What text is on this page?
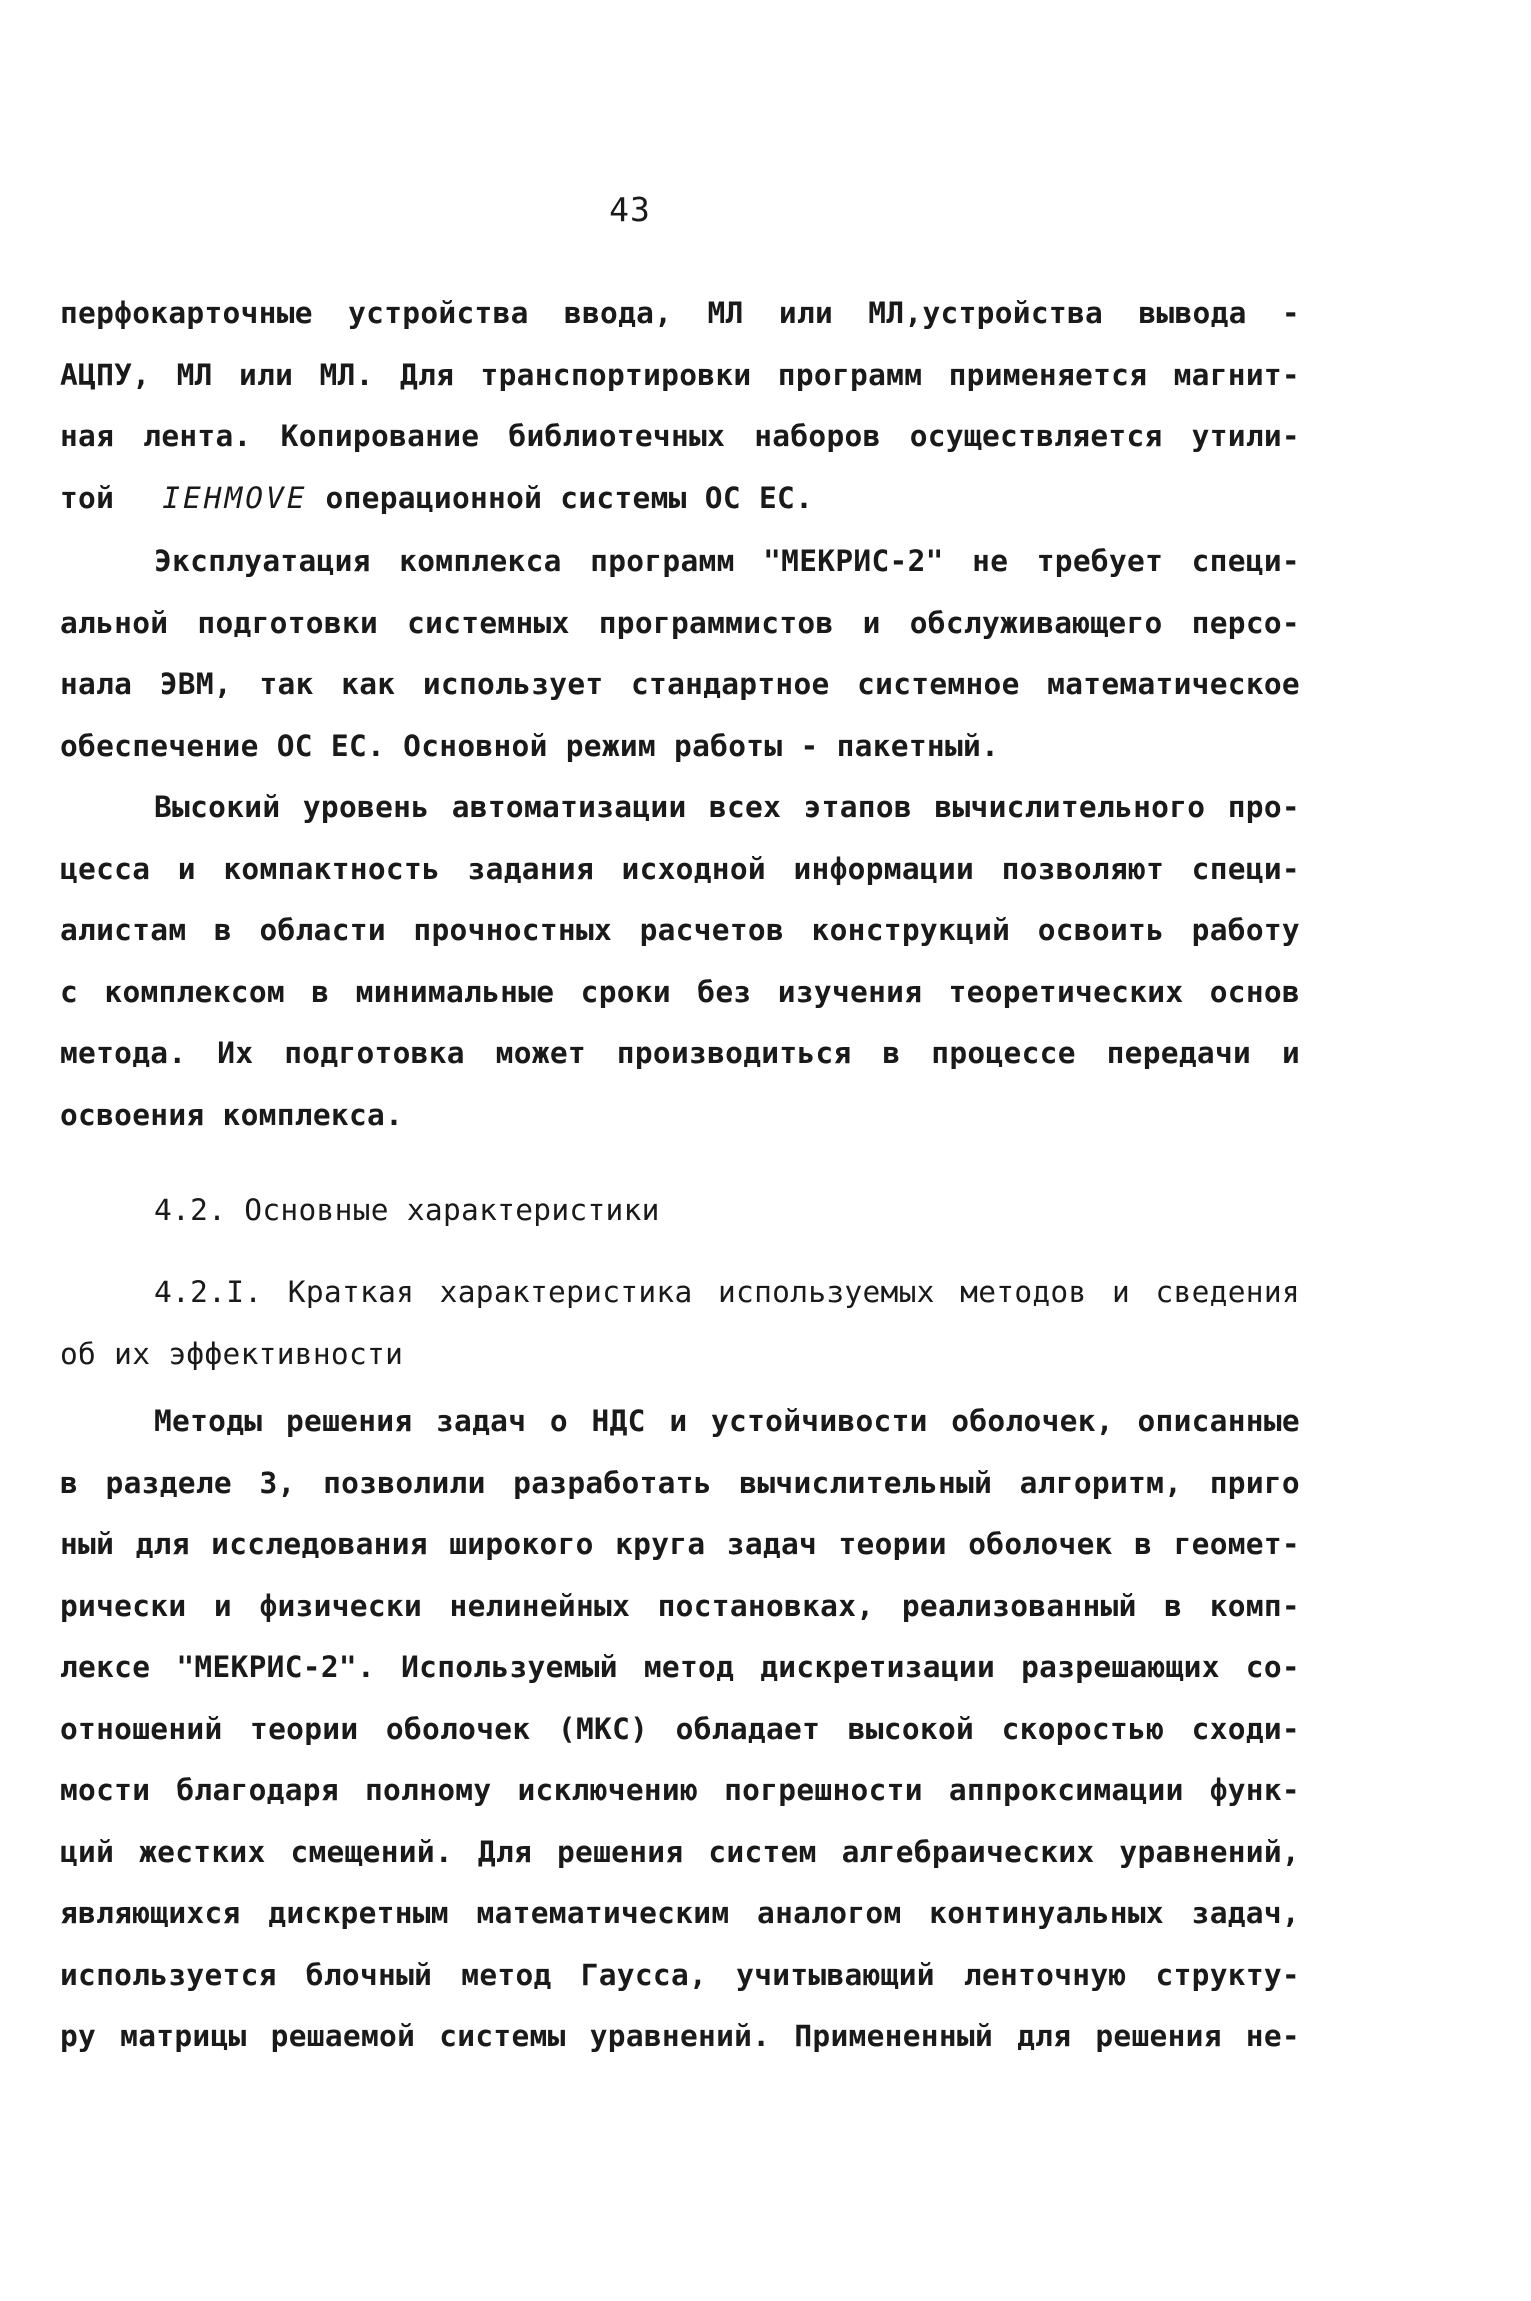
43
перфокарточные устройства ввода, МЛ или МЛ,устройства вывода -
АЦПУ, МЛ или МЛ. Для транспортировки программ применяется магнит-
ная лента. Копирование библиотечных наборов осуществляется утили-
той IEHMOVE операционной системы ОС ЕС.
Эксплуатация комплекса программ "МЕКРИС-2" не требует специ-
альной подготовки системных программистов и обслуживающего персо-
нала ЭВМ, так как использует стандартное системное математическое
обеспечение ОС ЕС. Основной режим работы - пакетный.
Высокий уровень автоматизации всех этапов вычислительного про-
цесса и компактность задания исходной информации позволяют специ-
алистам в области прочностных расчетов конструкций освоить работу
с комплексом в минимальные сроки без изучения теоретических основ
метода. Их подготовка может производиться в процессе передачи и
освоения комплекса.
4.2. Основные характеристики
4.2.I. Краткая характеристика используемых методов и сведения
об их эффективности
Методы решения задач о НДС и устойчивости оболочек, описанные
в разделе 3, позволили разработать вычислительный алгоритм, приго
ный для исследования широкого круга задач теории оболочек в геомет-
рически и физически нелинейных постановках, реализованный в комп-
лексе "МЕКРИС-2". Используемый метод дискретизации разрешающих со-
отношений теории оболочек (МКС) обладает высокой скоростью сходи-
мости благодаря полному исключению погрешности аппроксимации функ-
ций жестких смещений. Для решения систем алгебраических уравнений,
являющихся дискретным математическим аналогом континуальных задач,
используется блочный метод Гаусса, учитывающий ленточную структу-
ру матрицы решаемой системы уравнений. Примененный для решения не-
